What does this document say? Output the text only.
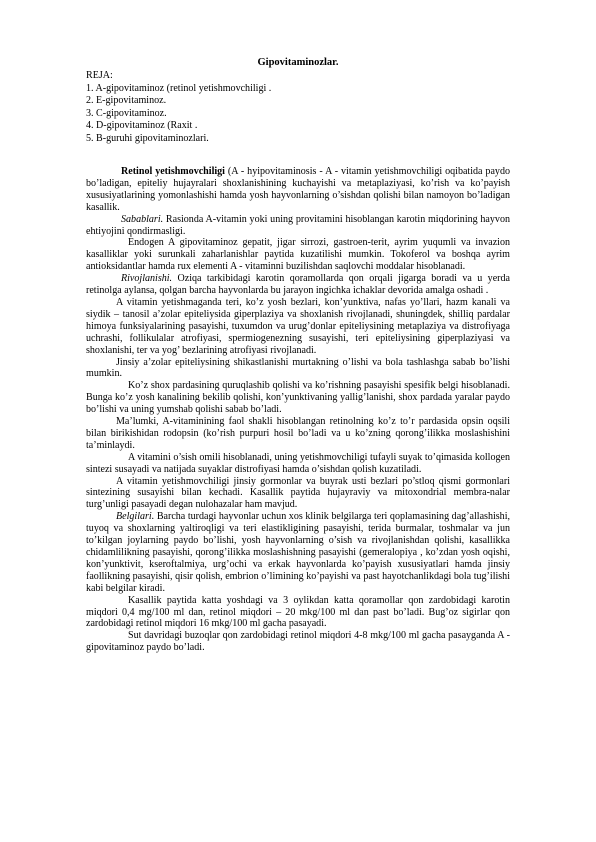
Gipovitaminozlar.
REJA:
1. A-gipovitaminoz (retinol yetishmovchiligi .
2. E-gipovitaminoz.
3. C-gipovitaminoz.
4. D-gipovitaminoz (Raxit .
5. B-guruhi gipovitaminozlari.

Retinol yetishmovchiligi (A - hyipovitaminosis - A - vitamin yetishmovchiligi oqibatida paydo bo’ladigan, epiteliy hujayralari shoxlanishining kuchayishi va metaplaziyasi, ko’rish va ko’payish xususiyatlarining yomonlashishi hamda yosh hayvonlarning o’sishdan qolishi bilan namoyon bo’ladigan kasallik.

Sabablari. Rasionda A-vitamin yoki uning provitamini hisoblangan karotin miqdorining hayvon ehtiyojini qondirmasligi.

Endogen A gipovitaminoz gepatit, jigar sirrozi, gastroen-terit, ayrim yuqumli va invazion kasalliklar yoki surunkali zaharlanishlar paytida kuzatilishi mumkin. Tokoferol va boshqa ayrim antioksidantlar hamda rux elementi A - vitaminni buzilishdan saqlovchi moddalar hisoblanadi.

Rivojlanishi. Oziqa tarkibidagi karotin qoramollarda qon orqali jigarga boradi va u yerda retinolga aylansa, qolgan barcha hayvonlarda bu jarayon ingichka ichaklar devorida amalga oshadi .

A vitamin yetishmaganda teri, ko’z yosh bezlari, kon’yunktiva, nafas yo’llari, hazm kanali va siydik – tanosil a’zolar epiteliysida giperplaziya va shoxlanish rivojlanadi, shuningdek, shilliq pardalar himoya funksiyalarining pasayishi, tuxumdon va urug’donlar epiteliysining metaplaziya va distrofiyaga uchrashi, follikulalar atrofiyasi, spermiogenezning susayishi, teri epiteliysining giperplaziyasi va shoxlanishi, ter va yog’ bezlarining atrofiyasi rivojlanadi.

Jinsiy a’zolar epiteliysining shikastlanishi murtakning o’lishi va bola tashlashga sabab bo’lishi mumkin.

Ko’z shox pardasining quruqlashib qolishi va ko’rishning pasayishi spesifik belgi hisoblanadi. Bunga ko’z yosh kanalining bekilib qolishi, kon’yunktivaning yallig’lanishi, shox pardada yaralar paydo bo’lishi va uning yumshab qolishi sabab bo’ladi.

Ma’lumki, A-vitaminining faol shakli hisoblangan retinolning ko’z to’r pardasida opsin oqsili bilan birikishidan rodopsin (ko’rish purpuri hosil bo’ladi va u ko’zning qorong’ilikka moslashishini ta’minlaydi.

A vitamini o’sish omili hisoblanadi, uning yetishmovchiligi tufayli suyak to’qimasida kollogen sintezi susayadi va natijada suyaklar distrofiyasi hamda o’sishdan qolish kuzatiladi.

A vitamin yetishmovchiligi jinsiy gormonlar va buyrak usti bezlari po’stloq qismi gormonlari sintezining susayishi bilan kechadi. Kasallik paytida hujayraviy va mitoxondrial membra-nalar turg’unligi pasayadi degan nulohazalar ham mavjud.

Belgilari. Barcha turdagi hayvonlar uchun xos klinik belgilarga teri qoplamasining dag’allashishi, tuyoq va shoxlarning yaltiroqligi va teri elastikligining pasayishi, terida burmalar, toshmalar va jun to’kilgan joylarning paydo bo’lishi, yosh hayvonlarning o’sish va rivojlanishdan qolishi, kasallikka chidamlilikning pasayishi, qorong’ilikka moslashishning pasayishi (gemeralopiya , ko’zdan yosh oqishi, kon’yunktivit, kseroftalmiya, urg’ochi va erkak hayvonlarda ko’payish xususiyatlari hamda jinsiy faollikning pasayishi, qisir qolish, embrion o’limining ko’payishi va past hayotchanlikdagi bola tug’ilishi kabi belgilar kiradi.

Kasallik paytida katta yoshdagi va 3 oylikdan katta qoramollar qon zardobidagi karotin miqdori 0,4 mg/100 ml dan, retinol miqdori – 20 mkg/100 ml dan past bo’ladi. Bug’oz sigirlar qon zardobidagi retinol miqdori 16 mkg/100 ml gacha pasayadi.

Sut davridagi buzoqlar qon zardobidagi retinol miqdori 4-8 mkg/100 ml gacha pasayganda A - gipovitaminoz paydo bo’ladi.
